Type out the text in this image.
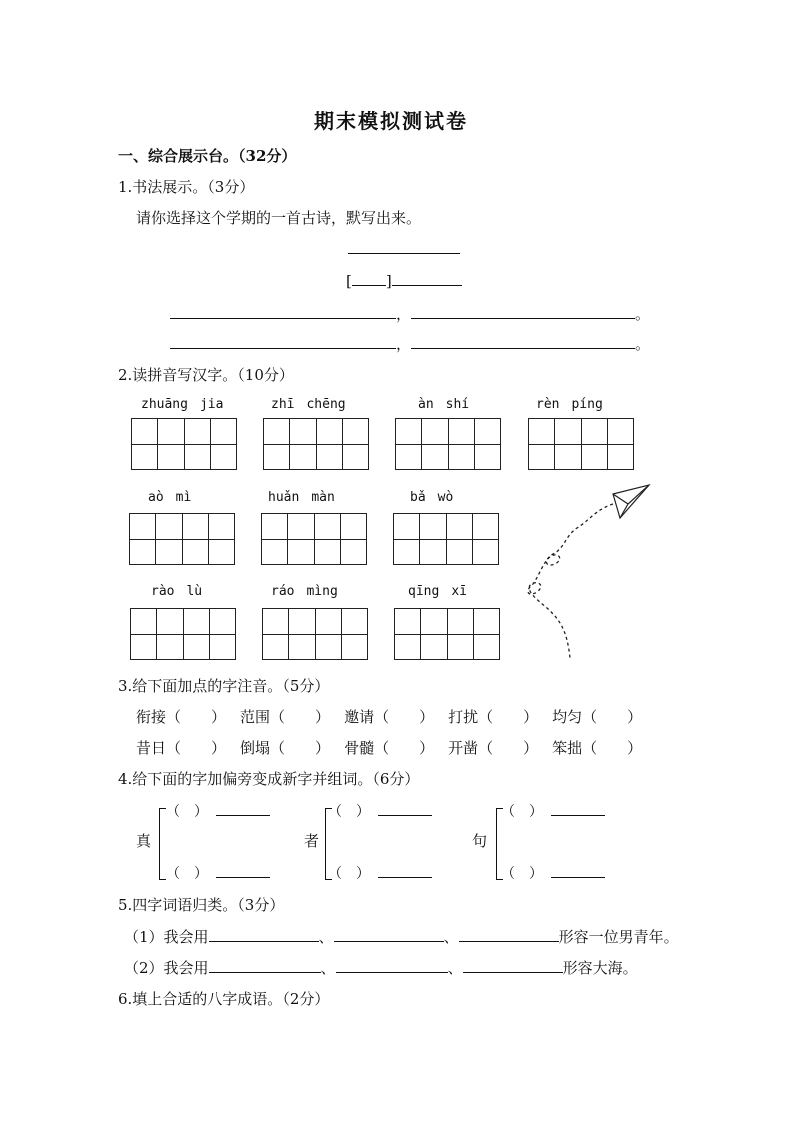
期末模拟测试卷
一、综合展示台。（32分）
1.书法展示。（3分）
请你选择这个学期的一首古诗，默写出来。
[ ]
，	。
，	。
2.读拼音写汉字。（10分）
zhuāng jia	zhī chēng	àn shí	rèn píng
aò mì	huǎn màn	bǎ wò
rào lù	ráo mìng	qīng xī
3.给下面加点的字注音。（5分）
衔接（　　） 范围（　　） 邀请（　　） 打扰（　　） 均匀（　　）
昔日（　　） 倒塌（　　） 骨髓（　　） 开凿（　　） 笨拙（　　）
4.给下面的字加偏旁变成新字并组词。（6分）
真
（　）
（　）
者
（　）
（　）
句
（　）
（　）
5.四字词语归类。（3分）
（1）我会用	、	、	形容一位男青年。
（2）我会用	、	、	形容大海。
6.填上合适的八字成语。（2分）
